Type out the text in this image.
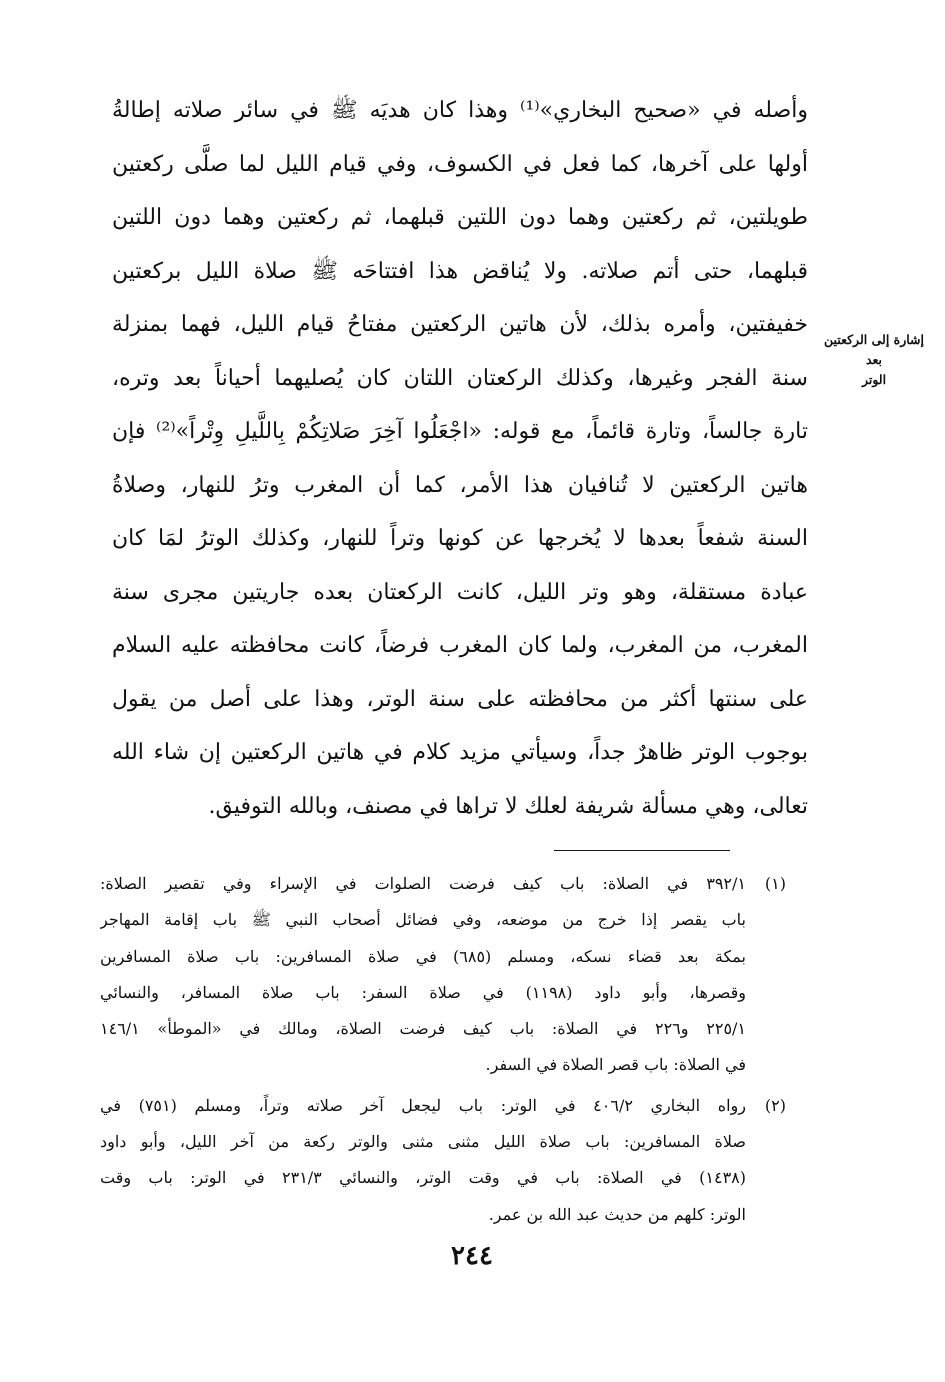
وأصله في «صحيح البخاري»⁽¹⁾ وهذا كان هديَه ﷺ في سائر صلاته إطالةُ
أولها على آخرها، كما فعل في الكسوف، وفي قيام الليل لما صلَّى ركعتين
طويلتين، ثم ركعتين وهما دون اللتين قبلهما، ثم ركعتين وهما دون اللتين
قبلهما، حتى أتم صلاته. ولا يُناقض هذا افتتاحَه ﷺ صلاة الليل بركعتين
خفيفتين، وأمره بذلك، لأن هاتين الركعتين مفتاحُ قيام الليل، فهما بمنزلة
سنة الفجر وغيرها، وكذلك الركعتان اللتان كان يُصليهما أحياناً بعد وتره،
تارة جالساً، وتارة قائماً، مع قوله: «اجْعَلُوا آخِرَ صَلاتِكُمْ بِاللَّيلِ وِتْراً»⁽²⁾ فإن
هاتين الركعتين لا تُنافيان هذا الأمر، كما أن المغرب وترُ للنهار، وصلاةُ
السنة شفعاً بعدها لا يُخرجها عن كونها وتراً للنهار، وكذلك الوترُ لمَا كان
عبادة مستقلة، وهو وتر الليل، كانت الركعتان بعده جاريتين مجرى سنة
المغرب، من المغرب، ولما كان المغرب فرضاً، كانت محافظته عليه السلام
على سنتها أكثر من محافظته على سنة الوتر، وهذا على أصل من يقول
بوجوب الوتر ظاهرٌ جداً، وسيأتي مزيد كلام في هاتين الركعتين إن شاء الله
تعالى، وهي مسألة شريفة لعلك لا تراها في مصنف، وبالله التوفيق.
إشارة إلى الركعتين بعد
الوتر
(١)
٣٩٢/١ في الصلاة: باب كيف فرضت الصلوات في الإسراء وفي تقصير الصلاة:
باب يقصر إذا خرج من موضعه، وفي فضائل أصحاب النبي ﷺ باب إقامة المهاجر
بمكة بعد قضاء نسكه، ومسلم (٦٨٥) في صلاة المسافرين: باب صلاة المسافرين
وقصرها، وأبو داود (١١٩٨) في صلاة السفر: باب صلاة المسافر، والنسائي
٢٢٥/١ و٢٢٦ في الصلاة: باب كيف فرضت الصلاة، ومالك في «الموطأ» ١٤٦/١
في الصلاة: باب قصر الصلاة في السفر.
(٢)
رواه البخاري ٤٠٦/٢ في الوتر: باب ليجعل آخر صلاته وتراً، ومسلم (٧٥١) في
صلاة المسافرين: باب صلاة الليل مثنى مثنى والوتر ركعة من آخر الليل، وأبو داود
(١٤٣٨) في الصلاة: باب في وقت الوتر، والنسائي ٢٣١/٣ في الوتر: باب وقت
الوتر: كلهم من حديث عبد الله بن عمر.
٢٤٤
